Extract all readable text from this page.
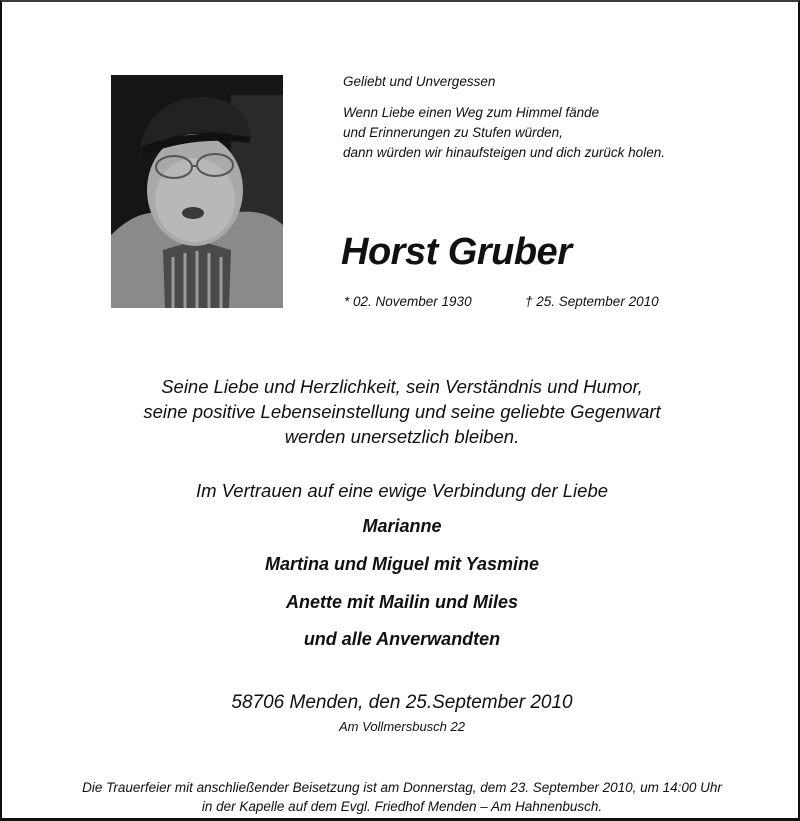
Geliebt und Unvergessen
Wenn Liebe einen Weg zum Himmel fände
und Erinnerungen zu Stufen würden,
dann würden wir hinaufsteigen und dich zurück holen.
Horst Gruber
* 02. November 1930	† 25. September 2010
Seine Liebe und Herzlichkeit, sein Verständnis und Humor,
seine positive Lebenseinstellung und seine geliebte Gegenwart
werden unersetzlich bleiben.
Im Vertrauen auf eine ewige Verbindung der Liebe
Marianne
Martina und Miguel mit Yasmine
Anette mit Mailin und Miles
und alle Anverwandten
58706 Menden, den 25.September 2010
Am Vollmersbusch 22
Die Trauerfeier mit anschließender Beisetzung ist am Donnerstag, dem 23. September 2010, um 14:00 Uhr
in der Kapelle auf dem Evgl. Friedhof Menden – Am Hahnenbusch.
